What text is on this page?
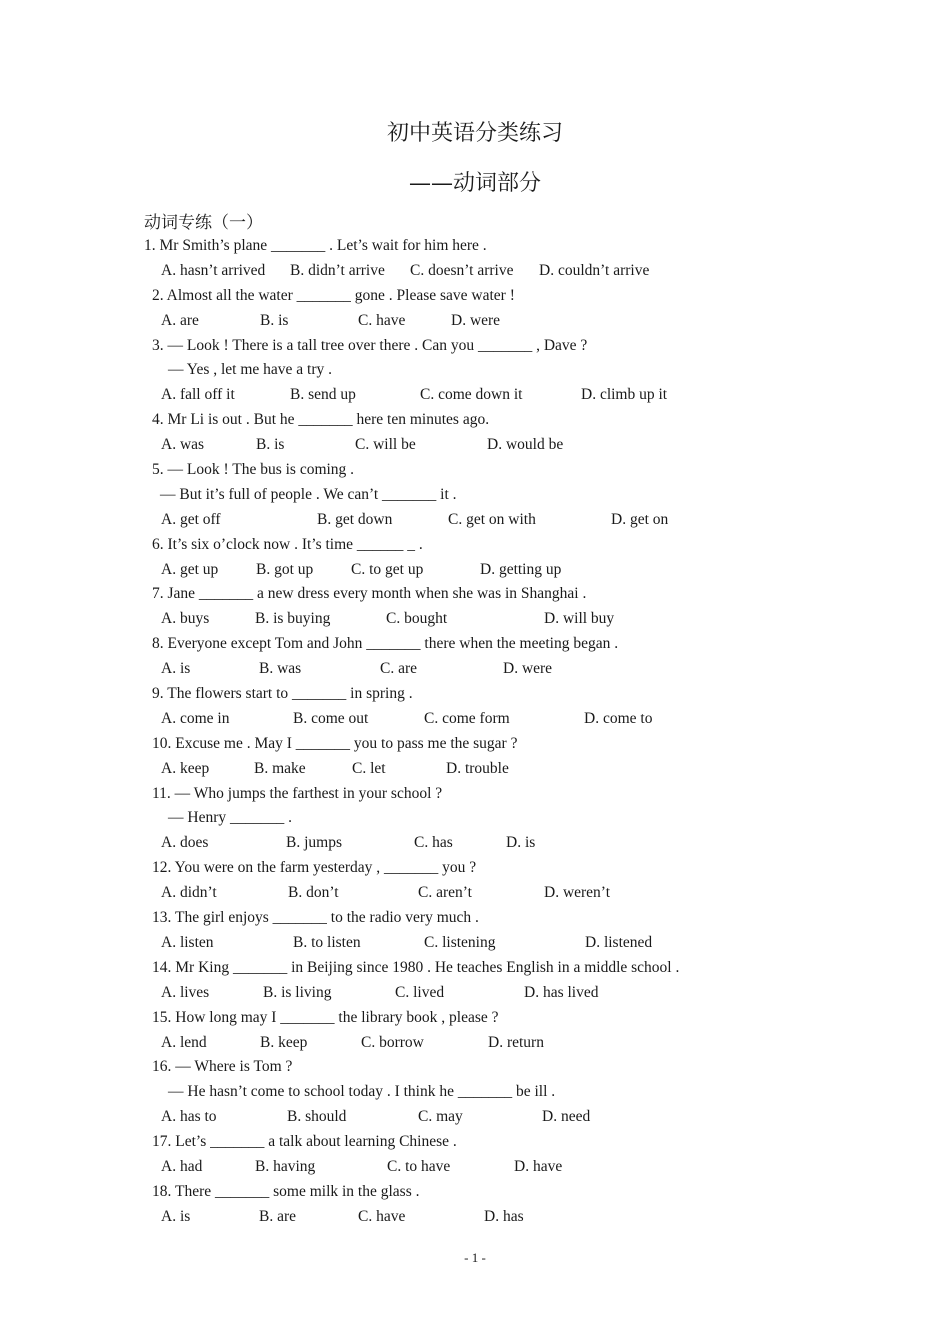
初中英语分类练习
——动词部分
动词专练（一）
1. Mr Smith’s plane _______ . Let’s wait for him here .
A. hasn’t arrived B. didn’t arrive C. doesn’t arrive D. couldn’t arrive
2. Almost all the water _______ gone . Please save water !
A. are	B. is	C. have	D. were
3. — Look ! There is a tall tree over there . Can you _______ , Dave ?
— Yes , let me have a try .
A. fall off it	B. send up	C. come down it	D. climb up it
4. Mr Li is out . But he _______ here ten minutes ago.
A. was	B. is	C. will be	D. would be
5. — Look ! The bus is coming .
— But it’s full of people . We can’t _______ it .
A. get off	B. get down	C. get on with	D. get on
6. It’s six o’clock now . It’s time ______ _ .
A. get up B. got up C. to get up	D. getting up
7. Jane _______ a new dress every month when she was in Shanghai .
A. buys	B. is buying	C. bought	D. will buy
8. Everyone except Tom and John _______ there when the meeting began .
A. is	B. was	C. are	D. were
9. The flowers start to _______ in spring .
A. come in	B. come out	C. come form	D. come to
10. Excuse me . May I _______ you to pass me the sugar ?
A. keep	B. make	C. let	D. trouble
11. — Who jumps the farthest in your school ?
— Henry _______ .
A. does	B. jumps	C. has	D. is
12. You were on the farm yesterday , _______ you ?
A. didn’t	B. don’t	C. aren’t	D. weren’t
13. The girl enjoys _______ to the radio very much .
A. listen	B. to listen	C. listening	D. listened
14. Mr King _______ in Beijing since 1980 . He teaches English in a middle school .
A. lives	B. is living	C. lived	D. has lived
15. How long may I _______ the library book , please ?
A. lend	B. keep	C. borrow	D. return
16. — Where is Tom ?
— He hasn’t come to school today . I think he _______ be ill .
A. has to	B. should	C. may	D. need
17. Let’s _______ a talk about learning Chinese .
A. had	B. having	C. to have	D. have
18. There _______ some milk in the glass .
A. is	B. are	C. have	D. has
- 1 -
